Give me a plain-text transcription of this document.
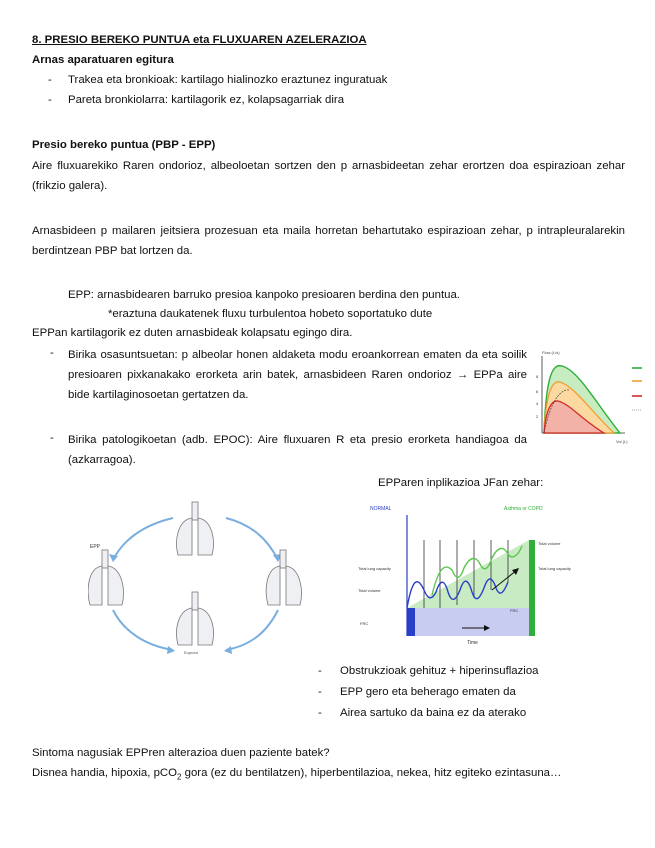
8. PRESIO BEREKO PUNTUA eta FLUXUAREN AZELERAZIOA
Arnas aparatuaren egitura
- Trakea eta bronkioak: kartilago hialinozko eraztunez inguratuak
- Pareta bronkiolarra: kartilagorik ez, kolapsagarriak dira
Presio bereko puntua (PBP - EPP)
Aire fluxuarekiko Raren ondorioz, albeoloetan sortzen den p arnasbideetan zehar erortzen doa espirazioan zehar (frikzio galera).
Arnasbideen p mailaren jeitsiera prozesuan eta maila horretan behartutako espirazioan zehar, p intrapleuralarekin berdintzean PBP bat lortzen da.
EPP: arnasbidearen barruko presioa kanpoko presioaren berdina den puntua.
*eraztuna daukatenek fluxu turbulentoa hobeto soportatuko dute
EPPan kartilagorik ez duten arnasbideak kolapsatu egingo dira.
- Birika osasuntsuetan: p albeolar honen aldaketa modu eroankorrean ematen da eta soilik presioaren pixkanakako erorketa arin batek, arnasbideen Raren ondorioz → EPPa aire bide kartilaginosoetan gertatzen da.
- Birika patologikoetan (adb. EPOC): Aire fluxuaren R eta presio erorketa handiagoa da (azkarragoa).
Flow (L/s)
8
6
4
2
Vol (L)
EPParen inplikazioa JFan zehar:
EPP
Eupnea
NORMAL	Asthma or COPD
Time
Total lung capacity
Tidal volume
FRC
Tidal volume
Total lung capacity
FRC
- Obstrukzioak gehituz + hiperinsuflazioa
- EPP gero eta beherago ematen da
- Airea sartuko da baina ez da aterako
Sintoma nagusiak EPPren alterazioa duen paziente batek?
Disnea handia, hipoxia, pCO$_2$ gora (ez du bentilatzen), hiperbentilazioa, nekea, hitz egiteko ezintasuna…
